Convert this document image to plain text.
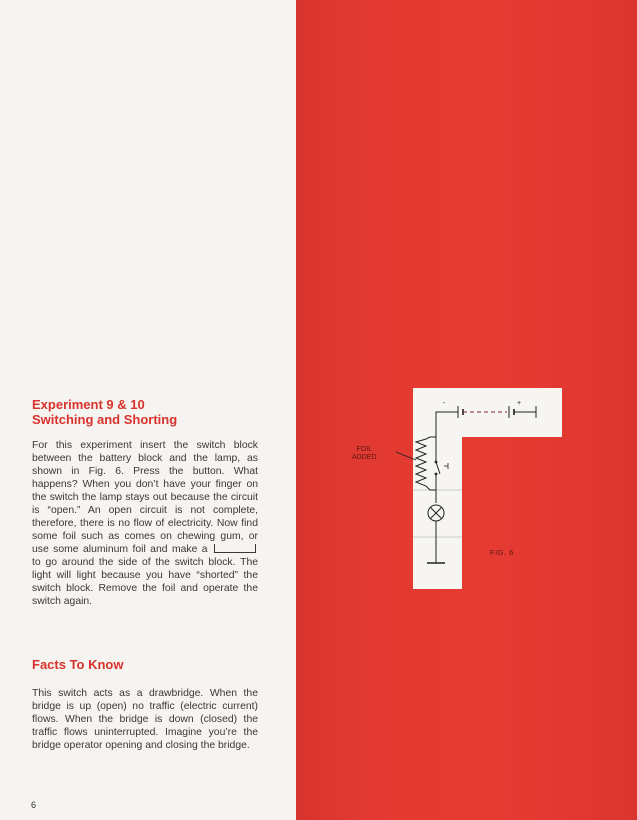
Experiment 9 & 10
Switching and Shorting

For this experiment insert the switch block between the battery block and the lamp, as shown in Fig. 6. Press the button. What happens? When you don’t have your finger on the switch the lamp stays out because the circuit is “open.” An open circuit is not complete, therefore, there is no flow of electricity. Now find some foil such as comes on chewing gum, or use some aluminum foil and make a  to go around the side of the switch block. The light will light because you have “shorted” the switch block. Remove the foil and operate the switch again.

Facts To Know

This switch acts as a drawbridge. When the bridge is up (open) no traffic (electric current) flows. When the bridge is down (closed) the traffic flows uninterrupted. Imagine you’re the bridge operator opening and closing the bridge.

6
-	+
FOIL
ADDED
FIG. 6
